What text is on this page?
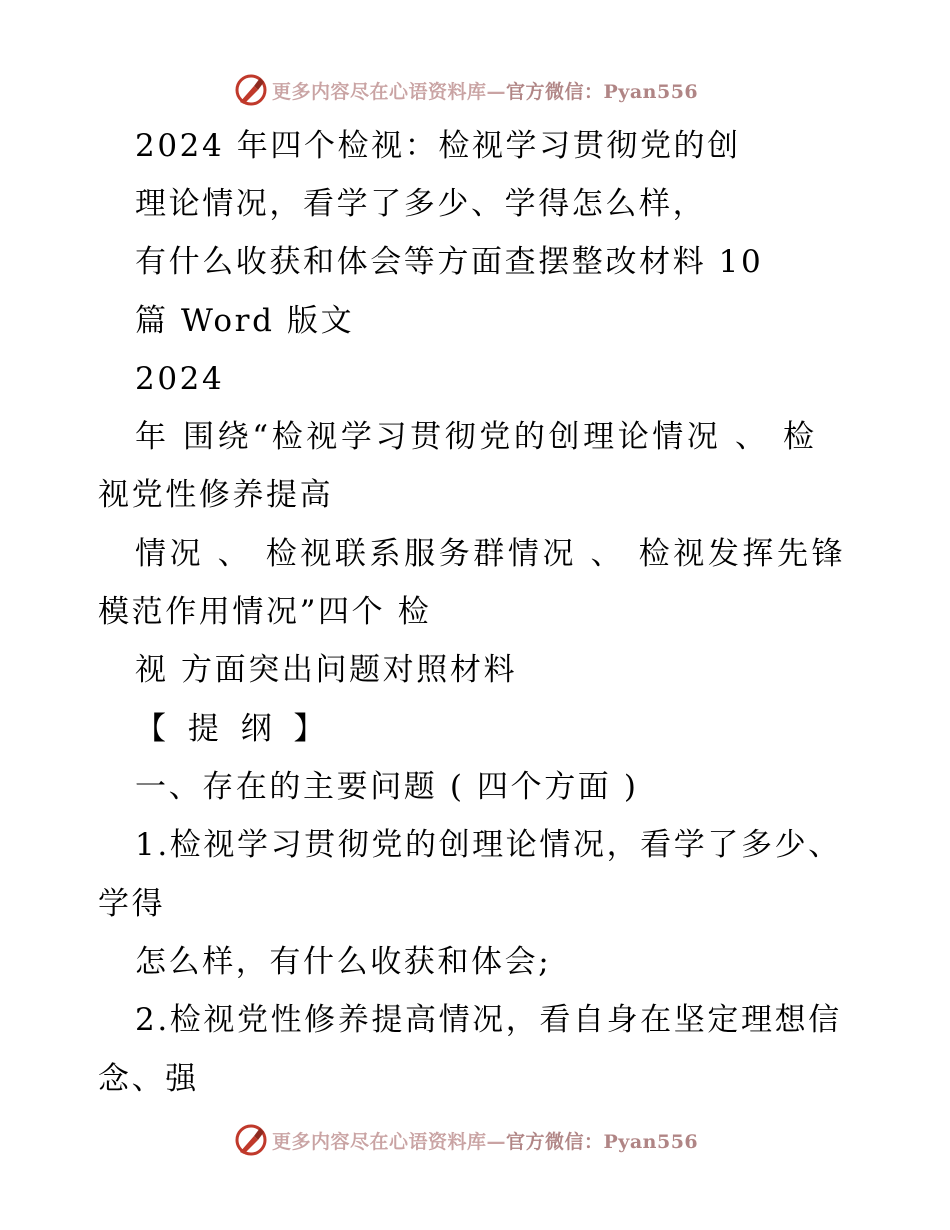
更多内容尽在心语资料库—官方微信：Pyan556
2024 年四个检视：检视学习贯彻党的创
理论情况，看学了多少、学得怎么样，
有什么收获和体会等方面查摆整改材料 10
篇 Word 版文
2024
年 围绕“检视学习贯彻党的创理论情况 、 检
视党性修养提高
情况 、 检视联系服务群情况 、 检视发挥先锋
模范作用情况”四个 检
视 方面突出问题对照材料
【 提 纲 】
一、存在的主要问题 ( 四个方面 )
1.检视学习贯彻党的创理论情况，看学了多少、
学得
怎么样，有什么收获和体会;
2.检视党性修养提高情况，看自身在坚定理想信
念、强
更多内容尽在心语资料库—官方微信：Pyan556
